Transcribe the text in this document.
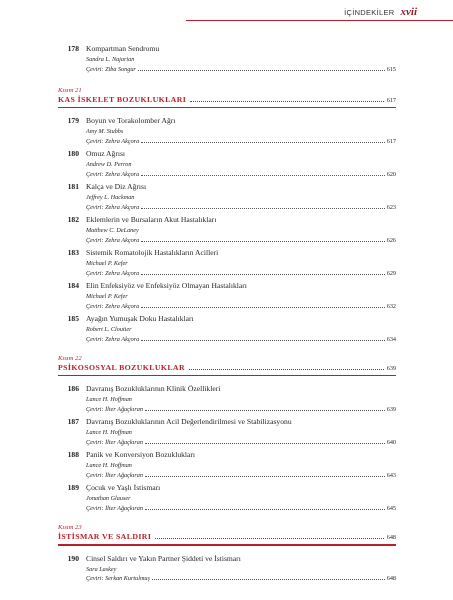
İÇİNDEKİLER xvii
178 Kompartman Sendromu
Sandra L. Najarian
Çeviri: Ziba Songur	615
Kısım 21
KAS İSKELET BOZUKLUKLARI	617
179 Boyun ve Torakolomber Ağrı
Amy M. Stubbs
Çeviri: Zehra Akçora	617
180 Omuz Ağrısı
Andrew D. Perron
Çeviri: Zehra Akçora	620
181 Kalça ve Diz Ağrısı
Jeffrey L. Hackman
Çeviri: Zehra Akçora	623
182 Eklemlerin ve Bursaların Akut Hastalıkları
Matthew C. DeLaney
Çeviri: Zehra Akçora	626
183 Sistemik Romatolojik Hastalıkların Acilleri
Michael P. Kefer
Çeviri: Zehra Akçora	629
184 Elin Enfeksiyöz ve Enfeksiyöz Olmayan Hastalıkları
Michael P. Kefer
Çeviri: Zehra Akçora	632
185 Ayağın Yumuşak Doku Hastalıkları
Robert L. Cloutier
Çeviri: Zehra Akçora	634
Kısım 22
PSİKOSOSYAL BOZUKLUKLAR	639
186 Davranış Bozukluklarının Klinik Özellikleri
Lance H. Hoffman
Çeviri: İlter Ağaçkıran	639
187 Davranış Bozukluklarının Acil Değerlendirilmesi ve Stabilizasyonu
Lance H. Hoffman
Çeviri: İlter Ağaçkıran	640
188 Panik ve Konversiyon Bozuklukları
Lance H. Hoffman
Çeviri: İlter Ağaçkıran	643
189 Çocuk ve Yaşlı İstismarı
Jonathan Glauser
Çeviri: İlter Ağaçkıran	645
Kısım 23
İSTİSMAR VE SALDIRI	648
190 Cinsel Saldırı ve Yakın Partner Şiddeti ve İstismarı
Sara Laskey
Çeviri: Serkan Kurtulmuş	648
